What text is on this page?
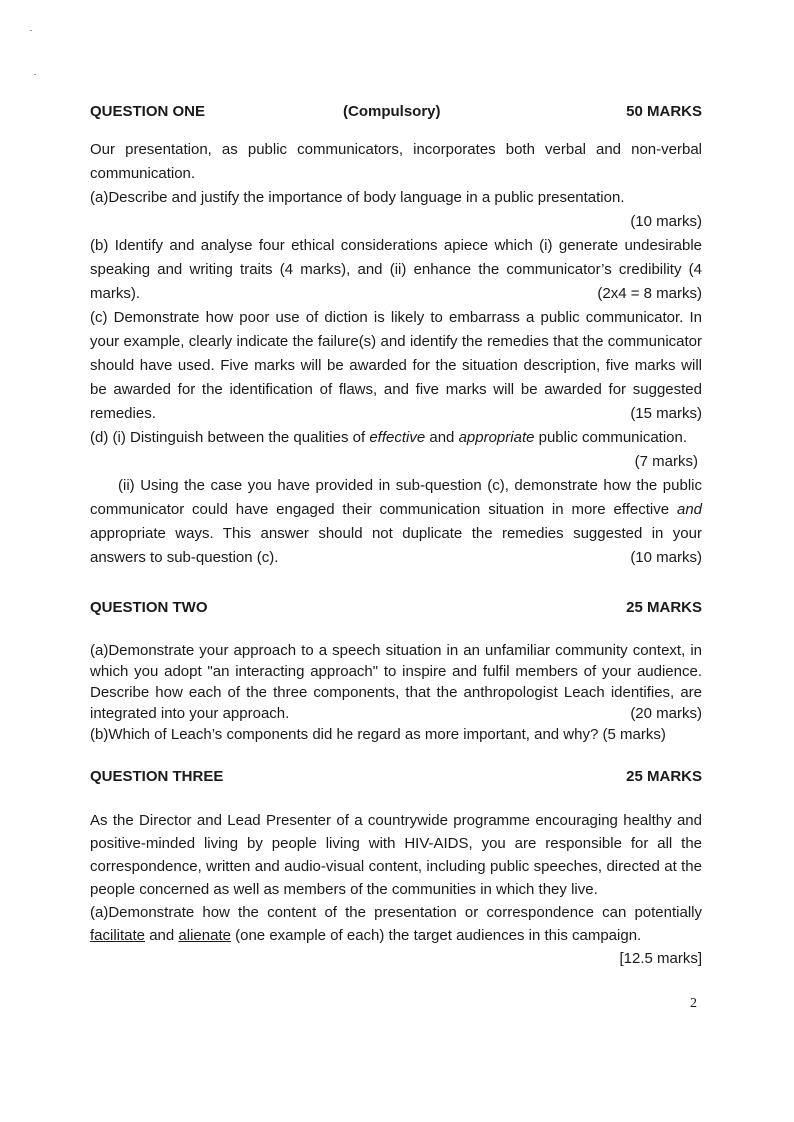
QUESTION ONE	(Compulsory)	50 MARKS

Our presentation, as public communicators, incorporates both verbal and non-verbal communication.

(a)Describe and justify the importance of body language in a public presentation.

(10 marks)

(b) Identify and analyse four ethical considerations apiece which (i) generate undesirable speaking and writing traits (4 marks), and (ii) enhance the communicator’s credibility (4 marks).	(2x4 = 8 marks)

(c) Demonstrate how poor use of diction is likely to embarrass a public communicator. In your example, clearly indicate the failure(s) and identify the remedies that the communicator should have used. Five marks will be awarded for the situation description, five marks will be awarded for the identification of flaws, and five marks will be awarded for suggested remedies.	(15 marks)

(d) (i) Distinguish between the qualities of effective and appropriate public communication.
(7 marks)

(ii) Using the case you have provided in sub-question (c), demonstrate how the public communicator could have engaged their communication situation in more effective and appropriate ways. This answer should not duplicate the remedies suggested in your answers to sub-question (c).	(10 marks)

QUESTION TWO	25 MARKS

(a)Demonstrate your approach to a speech situation in an unfamiliar community context, in which you adopt "an interacting approach" to inspire and fulfil members of your audience. Describe how each of the three components, that the anthropologist Leach identifies, are integrated into your approach.	(20 marks)

(b)Which of Leach’s components did he regard as more important, and why? (5 marks)

QUESTION THREE	25 MARKS

As the Director and Lead Presenter of a countrywide programme encouraging healthy and positive-minded living by people living with HIV-AIDS, you are responsible for all the correspondence, written and audio-visual content, including public speeches, directed at the people concerned as well as members of the communities in which they live.

(a)Demonstrate how the content of the presentation or correspondence can potentially facilitate and alienate (one example of each) the target audiences in this campaign.

[12.5 marks]
2
